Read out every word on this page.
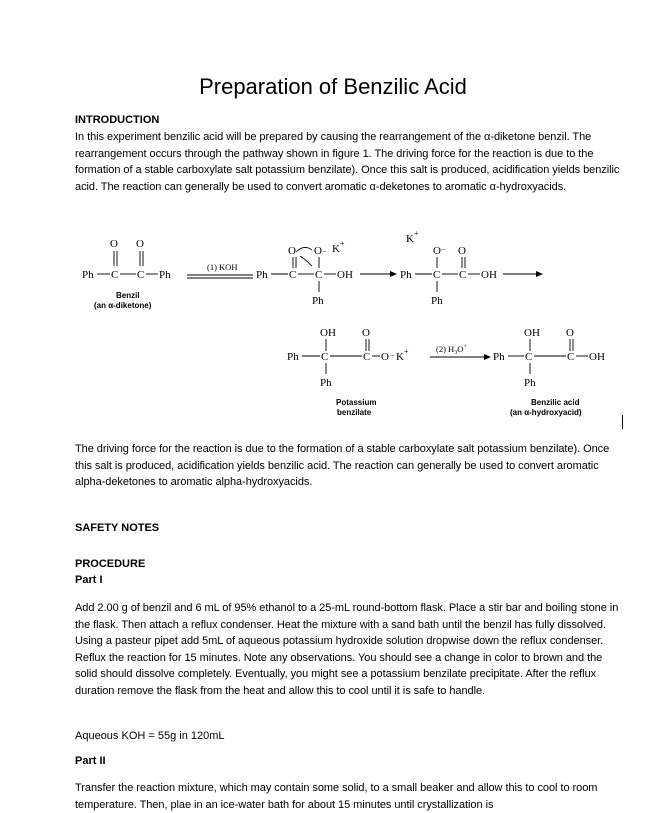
Preparation of Benzilic Acid
INTRODUCTION

In this experiment benzilic acid will be prepared by causing the rearrangement of the α-diketone benzil. The rearrangement occurs through the pathway shown in figure 1. The driving force for the reaction is due to the formation of a stable carboxylate salt potassium benzilate). Once this salt is produced, acidification yields benzilic acid. The reaction can generally be used to convert aromatic α-deketones to aromatic α-hydroxyacids.

O O
Ph C C Ph
Benzil
(an α-diketone)
(1) KOH
O O − K +
Ph C C OH
Ph
K +
O − O
Ph C C OH
Ph
OH O
Ph C	C O − K +
Ph
Potassium
benzilate
(2) $H_3O^+$
OH O
Ph C	C OH
Ph
Benzilic acid
(an α-hydroxyacid)

The driving force for the reaction is due to the formation of a stable carboxylate salt potassium benzilate). Once this salt is produced, acidification yields benzilic acid. The reaction can generally be used to convert aromatic alpha-deketones to aromatic alpha-hydroxyacids.

SAFETY NOTES
PROCEDURE
Part I

Add 2.00 g of benzil and 6 mL of 95% ethanol to a 25-mL round-bottom flask. Place a stir bar and boiling stone in the flask. Then attach a reflux condenser. Heat the mixture with a sand bath until the benzil has fully dissolved. Using a pasteur pipet add 5mL of aqueous potassium hydroxide solution dropwise down the reflux condenser. Reflux the reaction for 15 minutes. Note any observations. You should see a change in color to brown and the solid should dissolve completely. Eventually, you might see a potassium benzilate precipitate. After the reflux duration remove the flask from the heat and allow this to cool until it is safe to handle.

Aqueous KOH = 55g in 120mL
Part II

Transfer the reaction mixture, which may contain some solid, to a small beaker and allow this to cool to room temperature. Then, plae in an ice-water bath for about 15 minutes until crystallization is
